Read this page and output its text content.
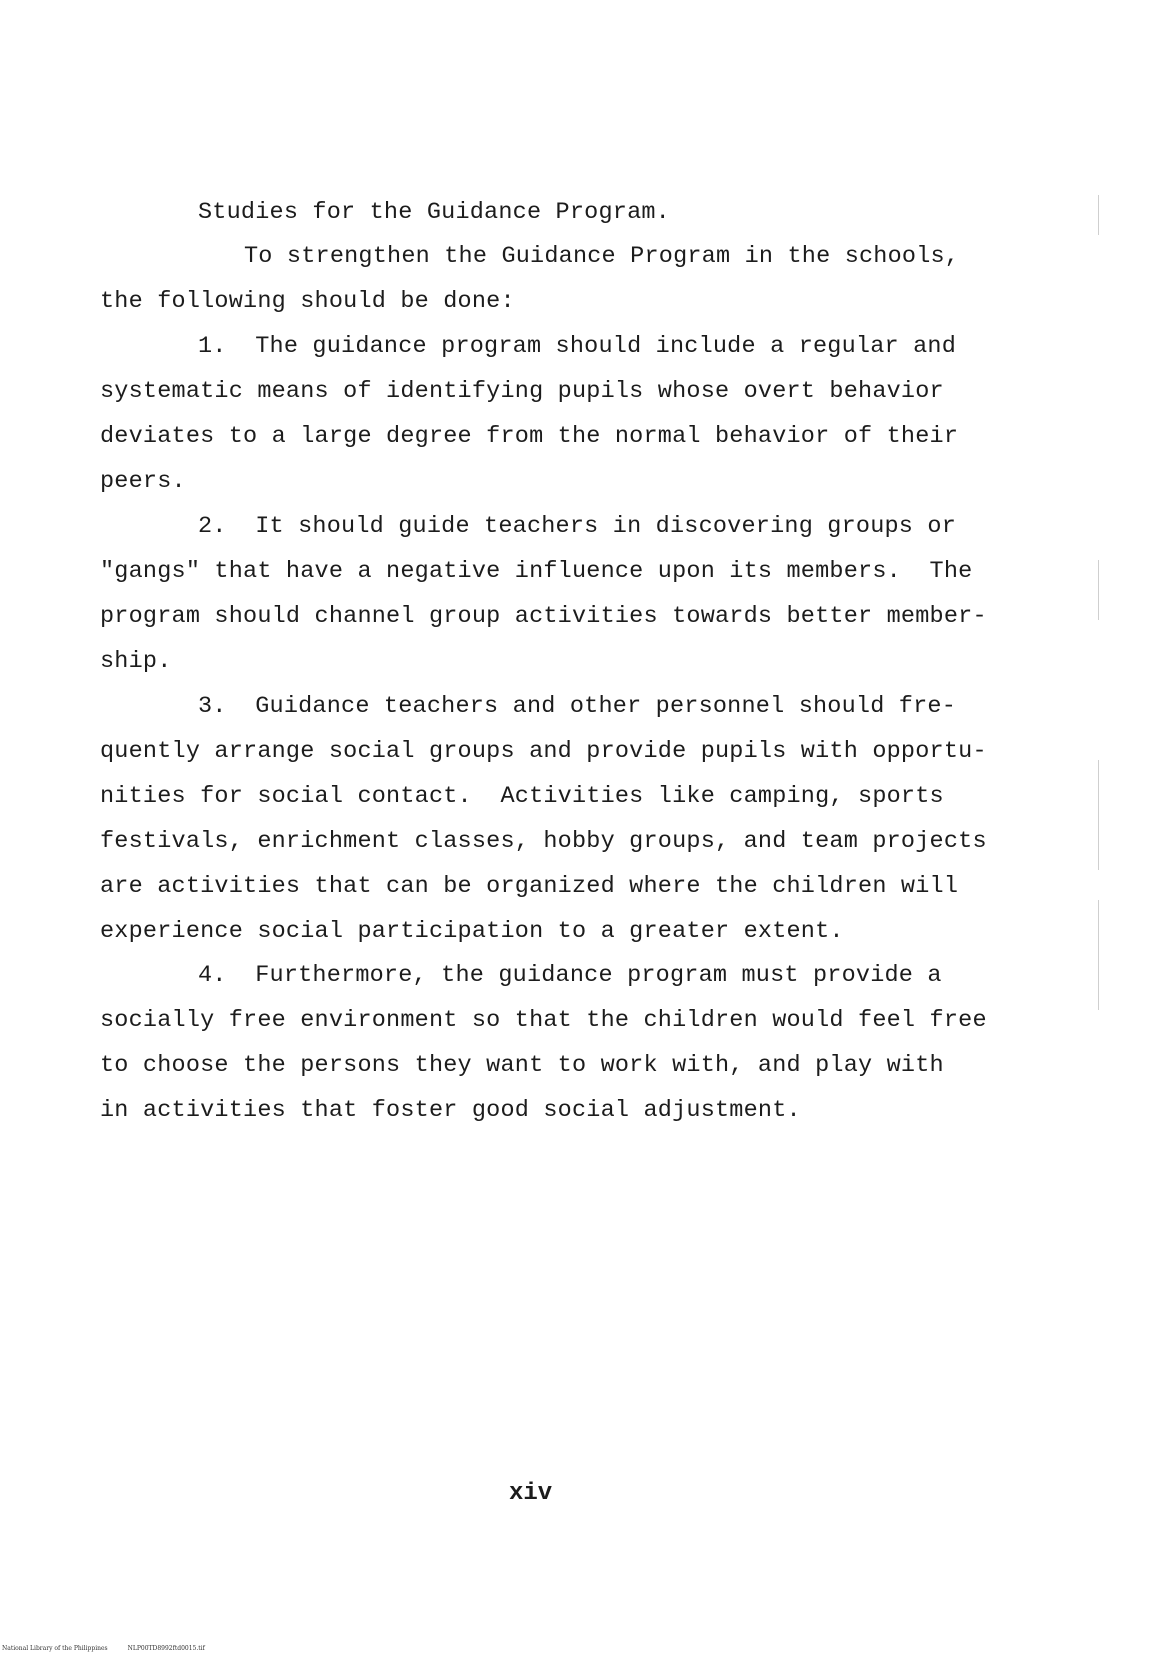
Studies for the Guidance Program.
To strengthen the Guidance Program in the schools,
the following should be done:
1.  The guidance program should include a regular and
systematic means of identifying pupils whose overt behavior
deviates to a large degree from the normal behavior of their
peers.
2.  It should guide teachers in discovering groups or
"gangs" that have a negative influence upon its members.  The
program should channel group activities towards better member-
ship.
3.  Guidance teachers and other personnel should fre-
quently arrange social groups and provide pupils with opportu-
nities for social contact.  Activities like camping, sports
festivals, enrichment classes, hobby groups, and team projects
are activities that can be organized where the children will
experience social participation to a greater extent.
4.  Furthermore, the guidance program must provide a
socially free environment so that the children would feel free
to choose the persons they want to work with, and play with
in activities that foster good social adjustment.
xiv
National Library of the Philippines	NLP00TD8992ftd0015.tif
